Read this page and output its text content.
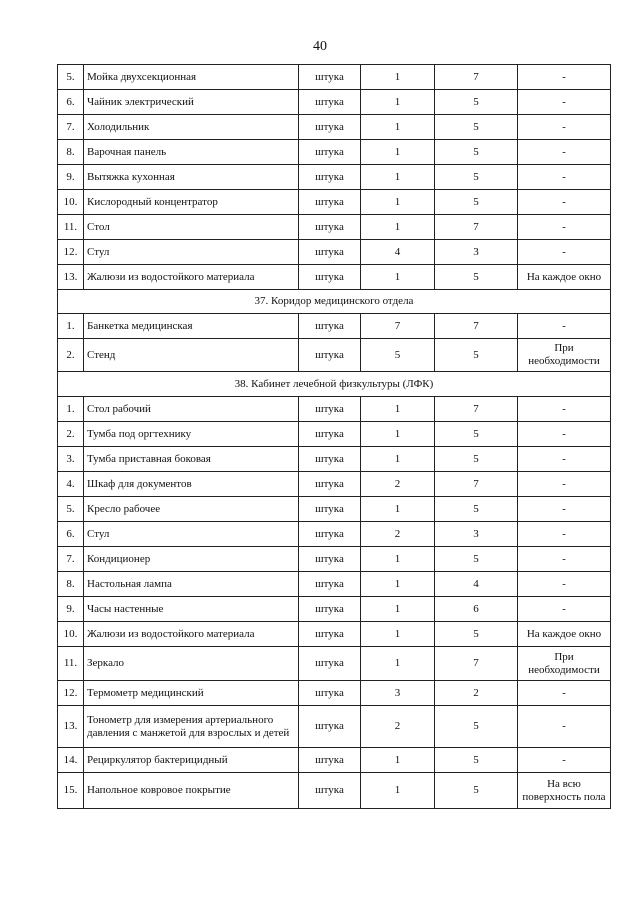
40
5.	Мойка двухсекционная	штука	1	7	-
6.	Чайник электрический	штука	1	5	-
7.	Холодильник	штука	1	5	-
8.	Варочная панель	штука	1	5	-
9.	Вытяжка кухонная	штука	1	5	-
10.	Кислородный концентратор	штука	1	5	-
11.	Стол	штука	1	7	-
12.	Стул	штука	4	3	-
13.	Жалюзи из водостойкого материала	штука	1	5	На каждое окно
37. Коридор медицинского отдела					
1.	Банкетка медицинская	штука	7	7	-
2.	Стенд	штука	5	5	При необходимости
38. Кабинет лечебной физкультуры (ЛФК)					
1.	Стол рабочий	штука	1	7	-
2.	Тумба под оргтехнику	штука	1	5	-
3.	Тумба приставная боковая	штука	1	5	-
4.	Шкаф для документов	штука	2	7	-
5.	Кресло рабочее	штука	1	5	-
6.	Стул	штука	2	3	-
7.	Кондиционер	штука	1	5	-
8.	Настольная лампа	штука	1	4	-
9.	Часы настенные	штука	1	6	-
10.	Жалюзи из водостойкого материала	штука	1	5	На каждое окно
11.	Зеркало	штука	1	7	При необходимости
12.	Термометр медицинский	штука	3	2	-
13.	Тонометр для измерения артериального давления с манжетой для взрослых и детей	штука	2	5	-
14.	Рециркулятор бактерицидный	штука	1	5	-
15.	Напольное ковровое покрытие	штука	1	5	На всю поверхность пола
